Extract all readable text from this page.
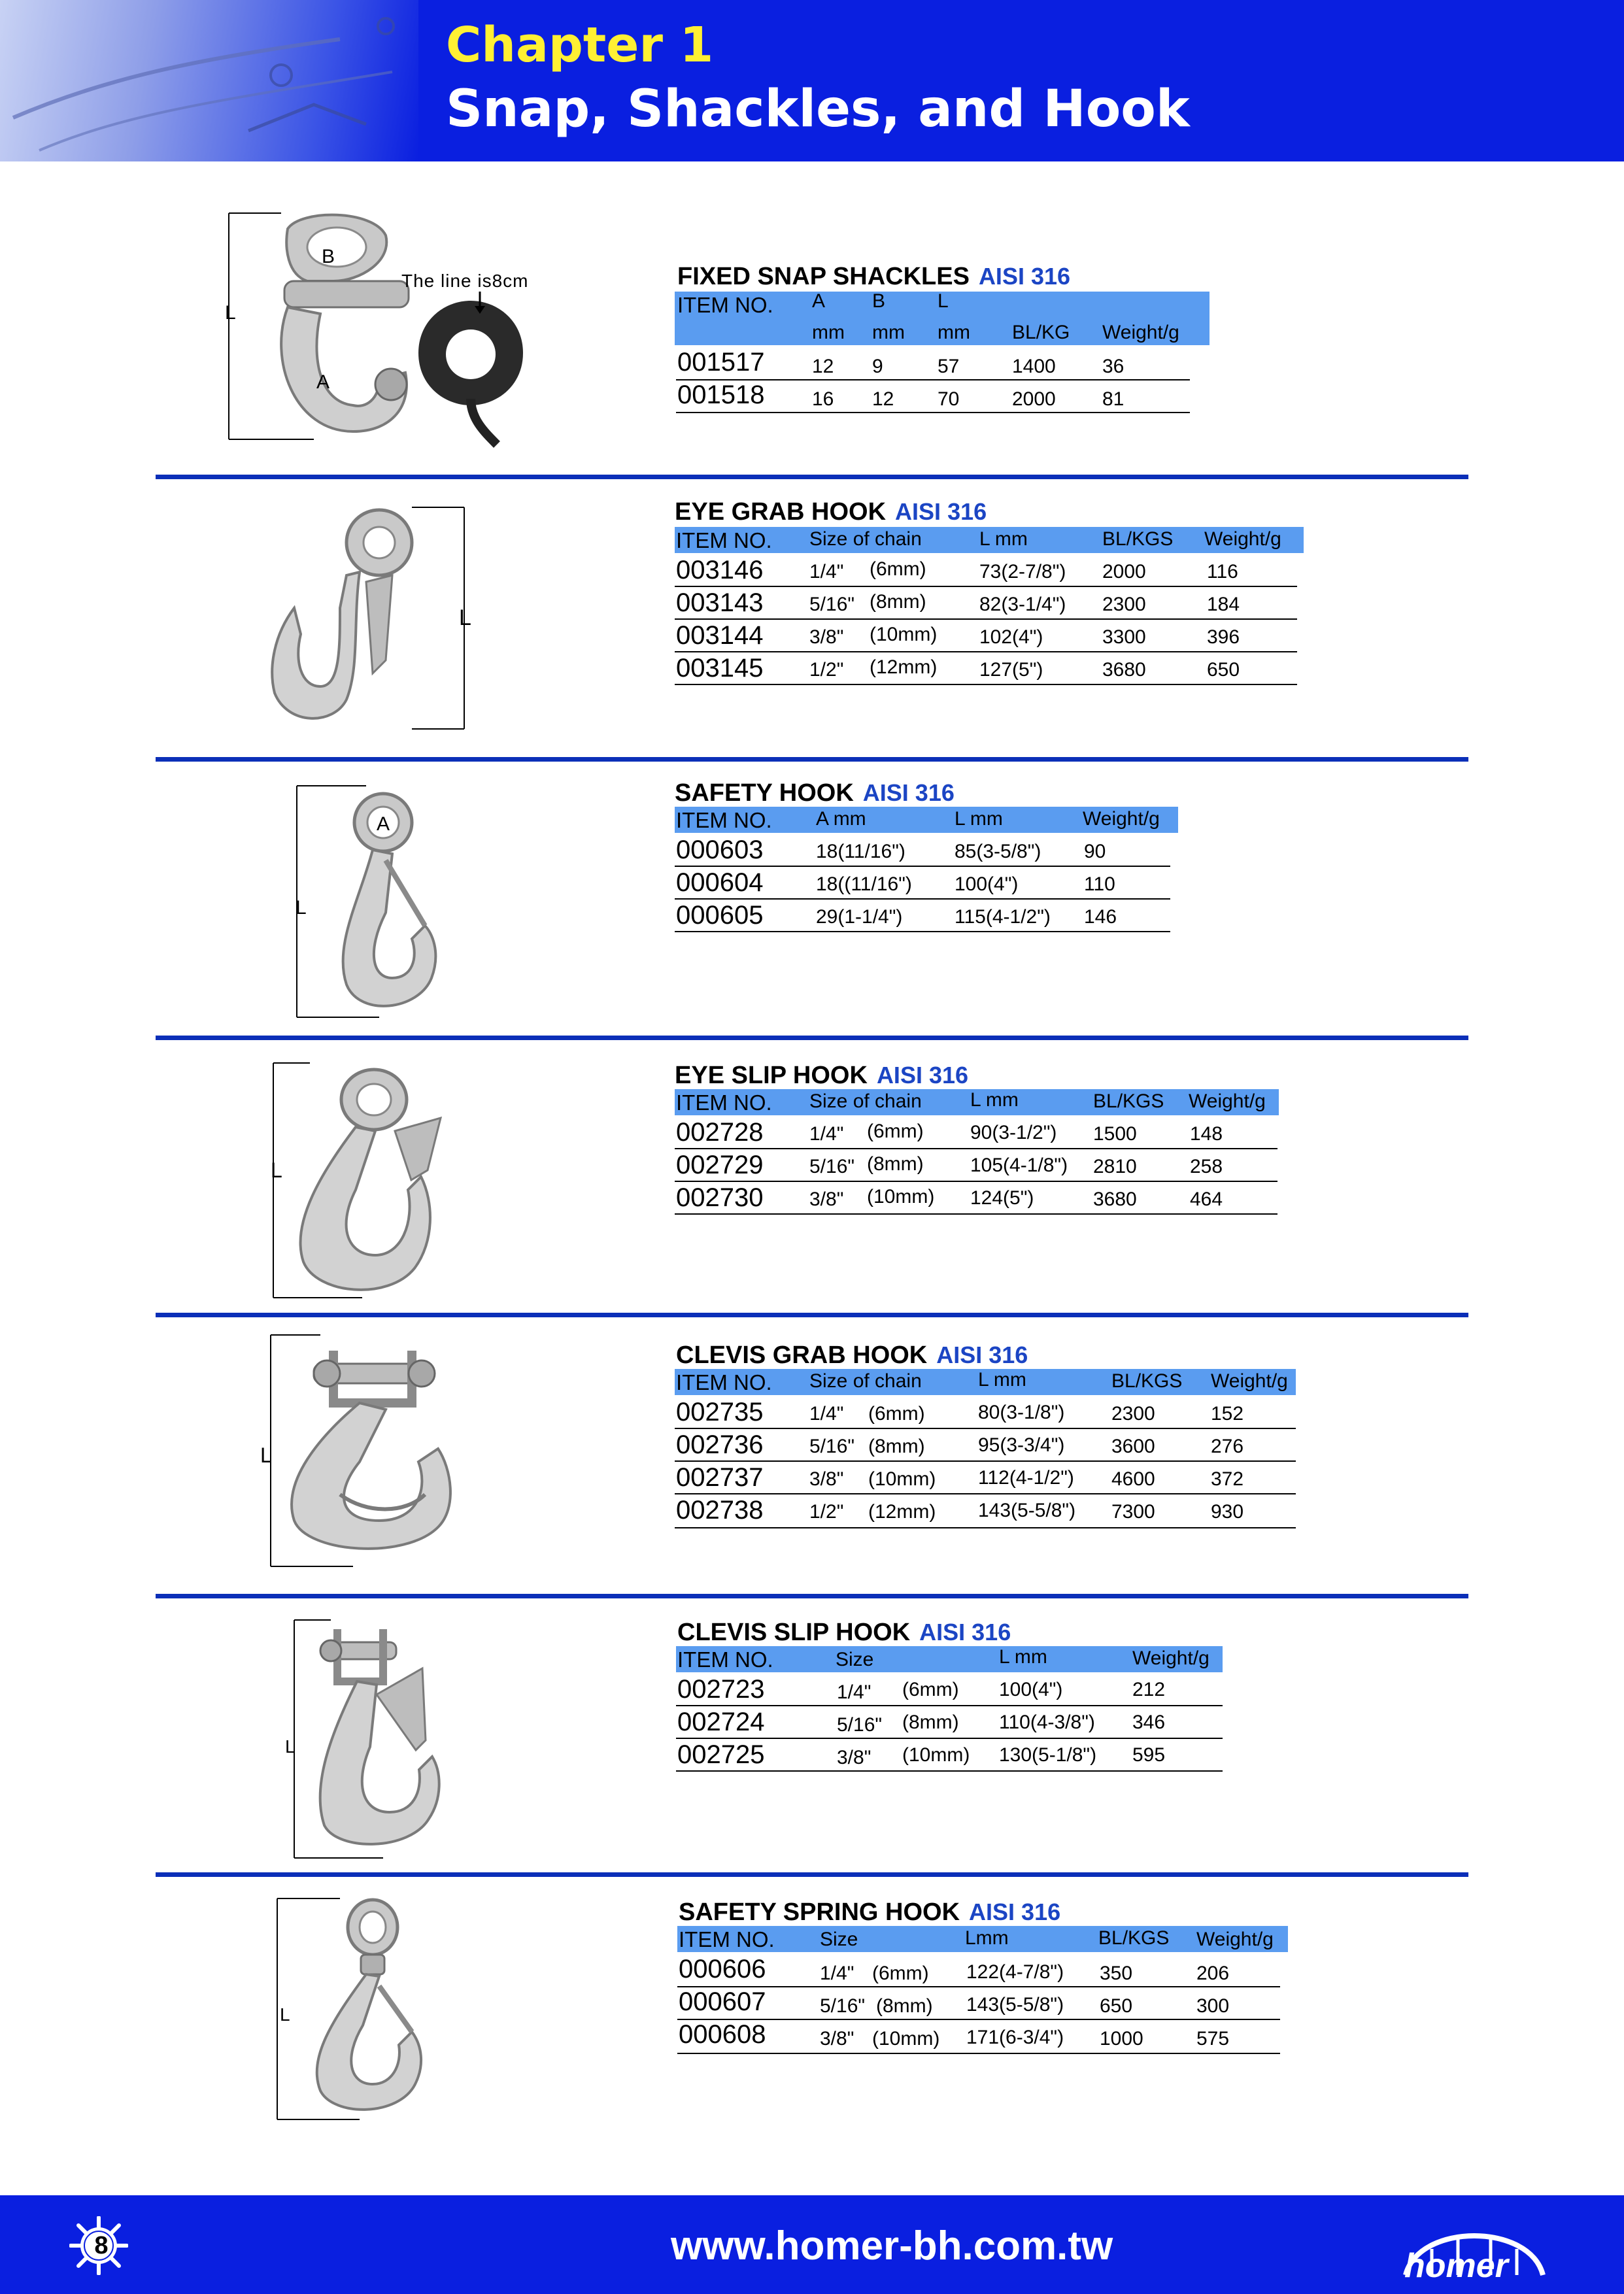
Chapter 1
Snap, Shackles, and Hook
B
L
A
The line is8cm	FIXED SNAP SHACKLES AISI 316
ITEM NO. A B	L
mm mm mm BL/KG Weight/g
001517 12 9	57	1400 36
001518 16 12 70	2000 81
L
EYE GRAB HOOK AISI 316
ITEM NO. Size of chain	L mm	BL/KGS Weight/g
003146 1/4" (6mm)	73(2-7/8") 2000	116
003143 5/16" (8mm)	82(3-1/4") 2300	184
003144 3/8" (10mm) 102(4")	3300	396
003145 1/2" (12mm) 127(5")	3680	650
A
L
SAFETY HOOK AISI 316
ITEM NO. A mm	L mm	Weight/g
000603	18(11/16")	85(3-5/8") 90
000604	18((11/16") 100(4")	110
000605	29(1-1/4")	115(4-1/2") 146
L
EYE SLIP HOOK AISI 316
ITEM NO. Size of chain L mm	BL/KGS Weight/g
002728 1/4" (6mm) 90(3-1/2") 1500	148
002729 5/16" (8mm) 105(4-1/8") 2810	258
002730 3/8" (10mm) 124(5")	3680	464
L
CLEVIS GRAB HOOK AISI 316
ITEM NO. Size of chain	L mm	BL/KGS Weight/g
002735 1/4" (6mm)	80(3-1/8") 2300	152
002736 5/16" (8mm)	95(3-3/4") 3600	276
002737 3/8" (10mm) 112(4-1/2") 4600	372
002738 1/2" (12mm) 143(5-5/8") 7300	930
L
CLEVIS SLIP HOOK AISI 316
ITEM NO.	Size	L mm	Weight/g
002723	1/4" (6mm) 100(4")	212
002724	5/16" (8mm) 110(4-3/8") 346
002725	3/8" (10mm) 130(5-1/8") 595
L
SAFETY SPRING HOOK AISI 316
ITEM NO. Size	Lmm	BL/KGS Weight/g
000606	1/4" (6mm) 122(4-7/8") 350	206
000607	5/16" (8mm) 143(5-5/8") 650	300
000608	3/8" (10mm) 171(6-3/4") 1000	575
8	www.homer-bh.com.tw	homer
